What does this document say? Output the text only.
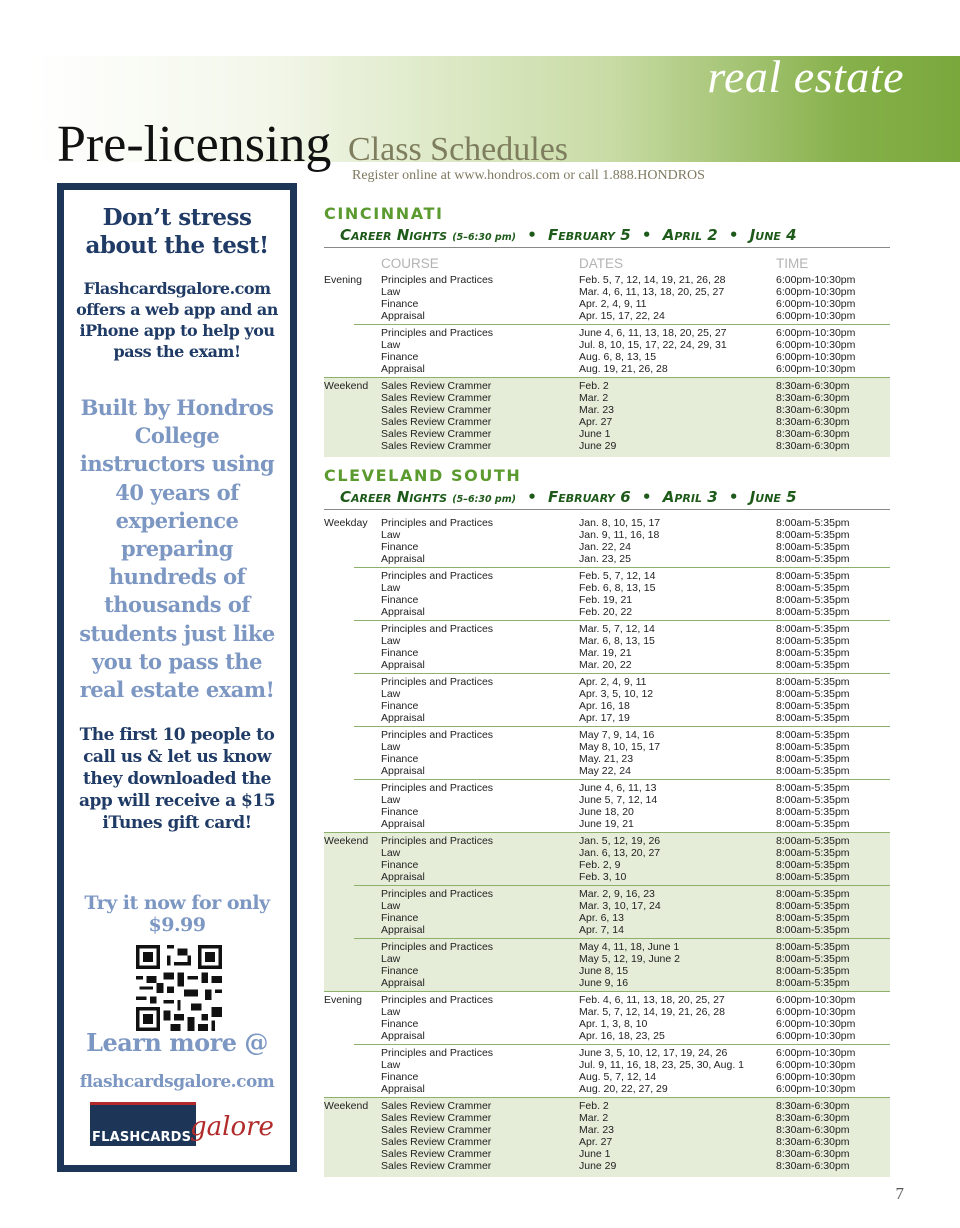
real estate
Pre-licensing Class Schedules
Register online at www.hondros.com or call 1.888.HONDROS
Don’t stress about the test!
Flashcardsgalore.com offers a web app and an iPhone app to help you pass the exam!
Built by Hondros College instructors using 40 years of experience preparing hundreds of thousands of students just like you to pass the real estate exam!
The first 10 people to call us & let us know they downloaded the app will receive a $15 iTunes gift card!
Try it now for only $9.99
Learn more @
flashcardsgalore.com
FLASHCARDS
galore
CINCINNATI
Career Nights (5–6:30 pm) • February 5 • April 2 • June 4
COURSE	DATES	TIME
Evening Principles and Practices
Law
Finance
Appraisal
Feb. 5, 7, 12, 14, 19, 21, 26, 28
Mar. 4, 6, 11, 13, 18, 20, 25, 27
Apr. 2, 4, 9, 11
Apr. 15, 17, 22, 24
6:00pm-10:30pm
6:00pm-10:30pm
6:00pm-10:30pm
6:00pm-10:30pm
Principles and Practices
Law
Finance
Appraisal
June 4, 6, 11, 13, 18, 20, 25, 27
Jul. 8, 10, 15, 17, 22, 24, 29, 31
Aug. 6, 8, 13, 15
Aug. 19, 21, 26, 28
6:00pm-10:30pm
6:00pm-10:30pm
6:00pm-10:30pm
6:00pm-10:30pm
Weekend Sales Review Crammer
Sales Review Crammer
Sales Review Crammer
Sales Review Crammer
Sales Review Crammer
Sales Review Crammer
Feb. 2
Mar. 2
Mar. 23
Apr. 27
June 1
June 29
8:30am-6:30pm
8:30am-6:30pm
8:30am-6:30pm
8:30am-6:30pm
8:30am-6:30pm
8:30am-6:30pm
CLEVELAND SOUTH
Career Nights (5–6:30 pm) • February 6 • April 3 • June 5
Weekday Principles and Practices
Law
Finance
Appraisal
Jan. 8, 10, 15, 17
Jan. 9, 11, 16, 18
Jan. 22, 24
Jan. 23, 25
8:00am-5:35pm
8:00am-5:35pm
8:00am-5:35pm
8:00am-5:35pm
Principles and Practices
Law
Finance
Appraisal
Feb. 5, 7, 12, 14
Feb. 6, 8, 13, 15
Feb. 19, 21
Feb. 20, 22
8:00am-5:35pm
8:00am-5:35pm
8:00am-5:35pm
8:00am-5:35pm
Principles and Practices
Law
Finance
Appraisal
Mar. 5, 7, 12, 14
Mar. 6, 8, 13, 15
Mar. 19, 21
Mar. 20, 22
8:00am-5:35pm
8:00am-5:35pm
8:00am-5:35pm
8:00am-5:35pm
Principles and Practices
Law
Finance
Appraisal
Apr. 2, 4, 9, 11
Apr. 3, 5, 10, 12
Apr. 16, 18
Apr. 17, 19
8:00am-5:35pm
8:00am-5:35pm
8:00am-5:35pm
8:00am-5:35pm
Principles and Practices
Law
Finance
Appraisal
May 7, 9, 14, 16
May 8, 10, 15, 17
May. 21, 23
May 22, 24
8:00am-5:35pm
8:00am-5:35pm
8:00am-5:35pm
8:00am-5:35pm
Principles and Practices
Law
Finance
Appraisal
June 4, 6, 11, 13
June 5, 7, 12, 14
June 18, 20
June 19, 21
8:00am-5:35pm
8:00am-5:35pm
8:00am-5:35pm
8:00am-5:35pm
Weekend Principles and Practices
Law
Finance
Appraisal
Jan. 5, 12, 19, 26
Jan. 6, 13, 20, 27
Feb. 2, 9
Feb. 3, 10
8:00am-5:35pm
8:00am-5:35pm
8:00am-5:35pm
8:00am-5:35pm
Principles and Practices
Law
Finance
Appraisal
Mar. 2, 9, 16, 23
Mar. 3, 10, 17, 24
Apr. 6, 13
Apr. 7, 14
8:00am-5:35pm
8:00am-5:35pm
8:00am-5:35pm
8:00am-5:35pm
Principles and Practices
Law
Finance
Appraisal
May 4, 11, 18, June 1
May 5, 12, 19, June 2
June 8, 15
June 9, 16
8:00am-5:35pm
8:00am-5:35pm
8:00am-5:35pm
8:00am-5:35pm
Evening Principles and Practices
Law
Finance
Appraisal
Feb. 4, 6, 11, 13, 18, 20, 25, 27
Mar. 5, 7, 12, 14, 19, 21, 26, 28
Apr. 1, 3, 8, 10
Apr. 16, 18, 23, 25
6:00pm-10:30pm
6:00pm-10:30pm
6:00pm-10:30pm
6:00pm-10:30pm
Principles and Practices
Law
Finance
Appraisal
June 3, 5, 10, 12, 17, 19, 24, 26
Jul. 9, 11, 16, 18, 23, 25, 30, Aug. 1
Aug. 5, 7, 12, 14
Aug. 20, 22, 27, 29
6:00pm-10:30pm
6:00pm-10:30pm
6:00pm-10:30pm
6:00pm-10:30pm
Weekend Sales Review Crammer
Sales Review Crammer
Sales Review Crammer
Sales Review Crammer
Sales Review Crammer
Sales Review Crammer
Feb. 2
Mar. 2
Mar. 23
Apr. 27
June 1
June 29
8:30am-6:30pm
8:30am-6:30pm
8:30am-6:30pm
8:30am-6:30pm
8:30am-6:30pm
8:30am-6:30pm
7
